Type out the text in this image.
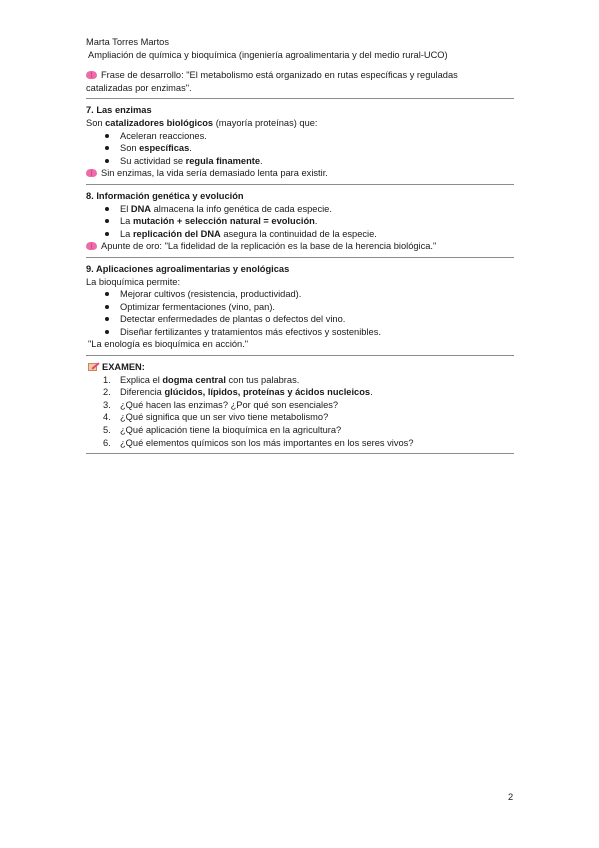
Marta Torres Martos
Ampliación de química y bioquímica (ingeniería agroalimentaria y del medio rural-UCO)
Frase de desarrollo: "El metabolismo está organizado en rutas específicas y reguladas
catalizadas por enzimas".
7. Las enzimas
Son catalizadores biológicos (mayoría proteínas) que:
Aceleran reacciones.
Son específicas.
Su actividad se regula finamente.
Sin enzimas, la vida sería demasiado lenta para existir.
8. Información genética y evolución
El DNA almacena la info genética de cada especie.
La mutación + selección natural = evolución.
La replicación del DNA asegura la continuidad de la especie.
Apunte de oro: "La fidelidad de la replicación es la base de la herencia biológica."
9. Aplicaciones agroalimentarias y enológicas
La bioquímica permite:
Mejorar cultivos (resistencia, productividad).
Optimizar fermentaciones (vino, pan).
Detectar enfermedades de plantas o defectos del vino.
Diseñar fertilizantes y tratamientos más efectivos y sostenibles.
"La enología es bioquímica en acción."
EXAMEN:
1. Explica el dogma central con tus palabras.
2. Diferencia glúcidos, lípidos, proteínas y ácidos nucleicos.
3. ¿Qué hacen las enzimas? ¿Por qué son esenciales?
4. ¿Qué significa que un ser vivo tiene metabolismo?
5. ¿Qué aplicación tiene la bioquímica en la agricultura?
6. ¿Qué elementos químicos son los más importantes en los seres vivos?
2
